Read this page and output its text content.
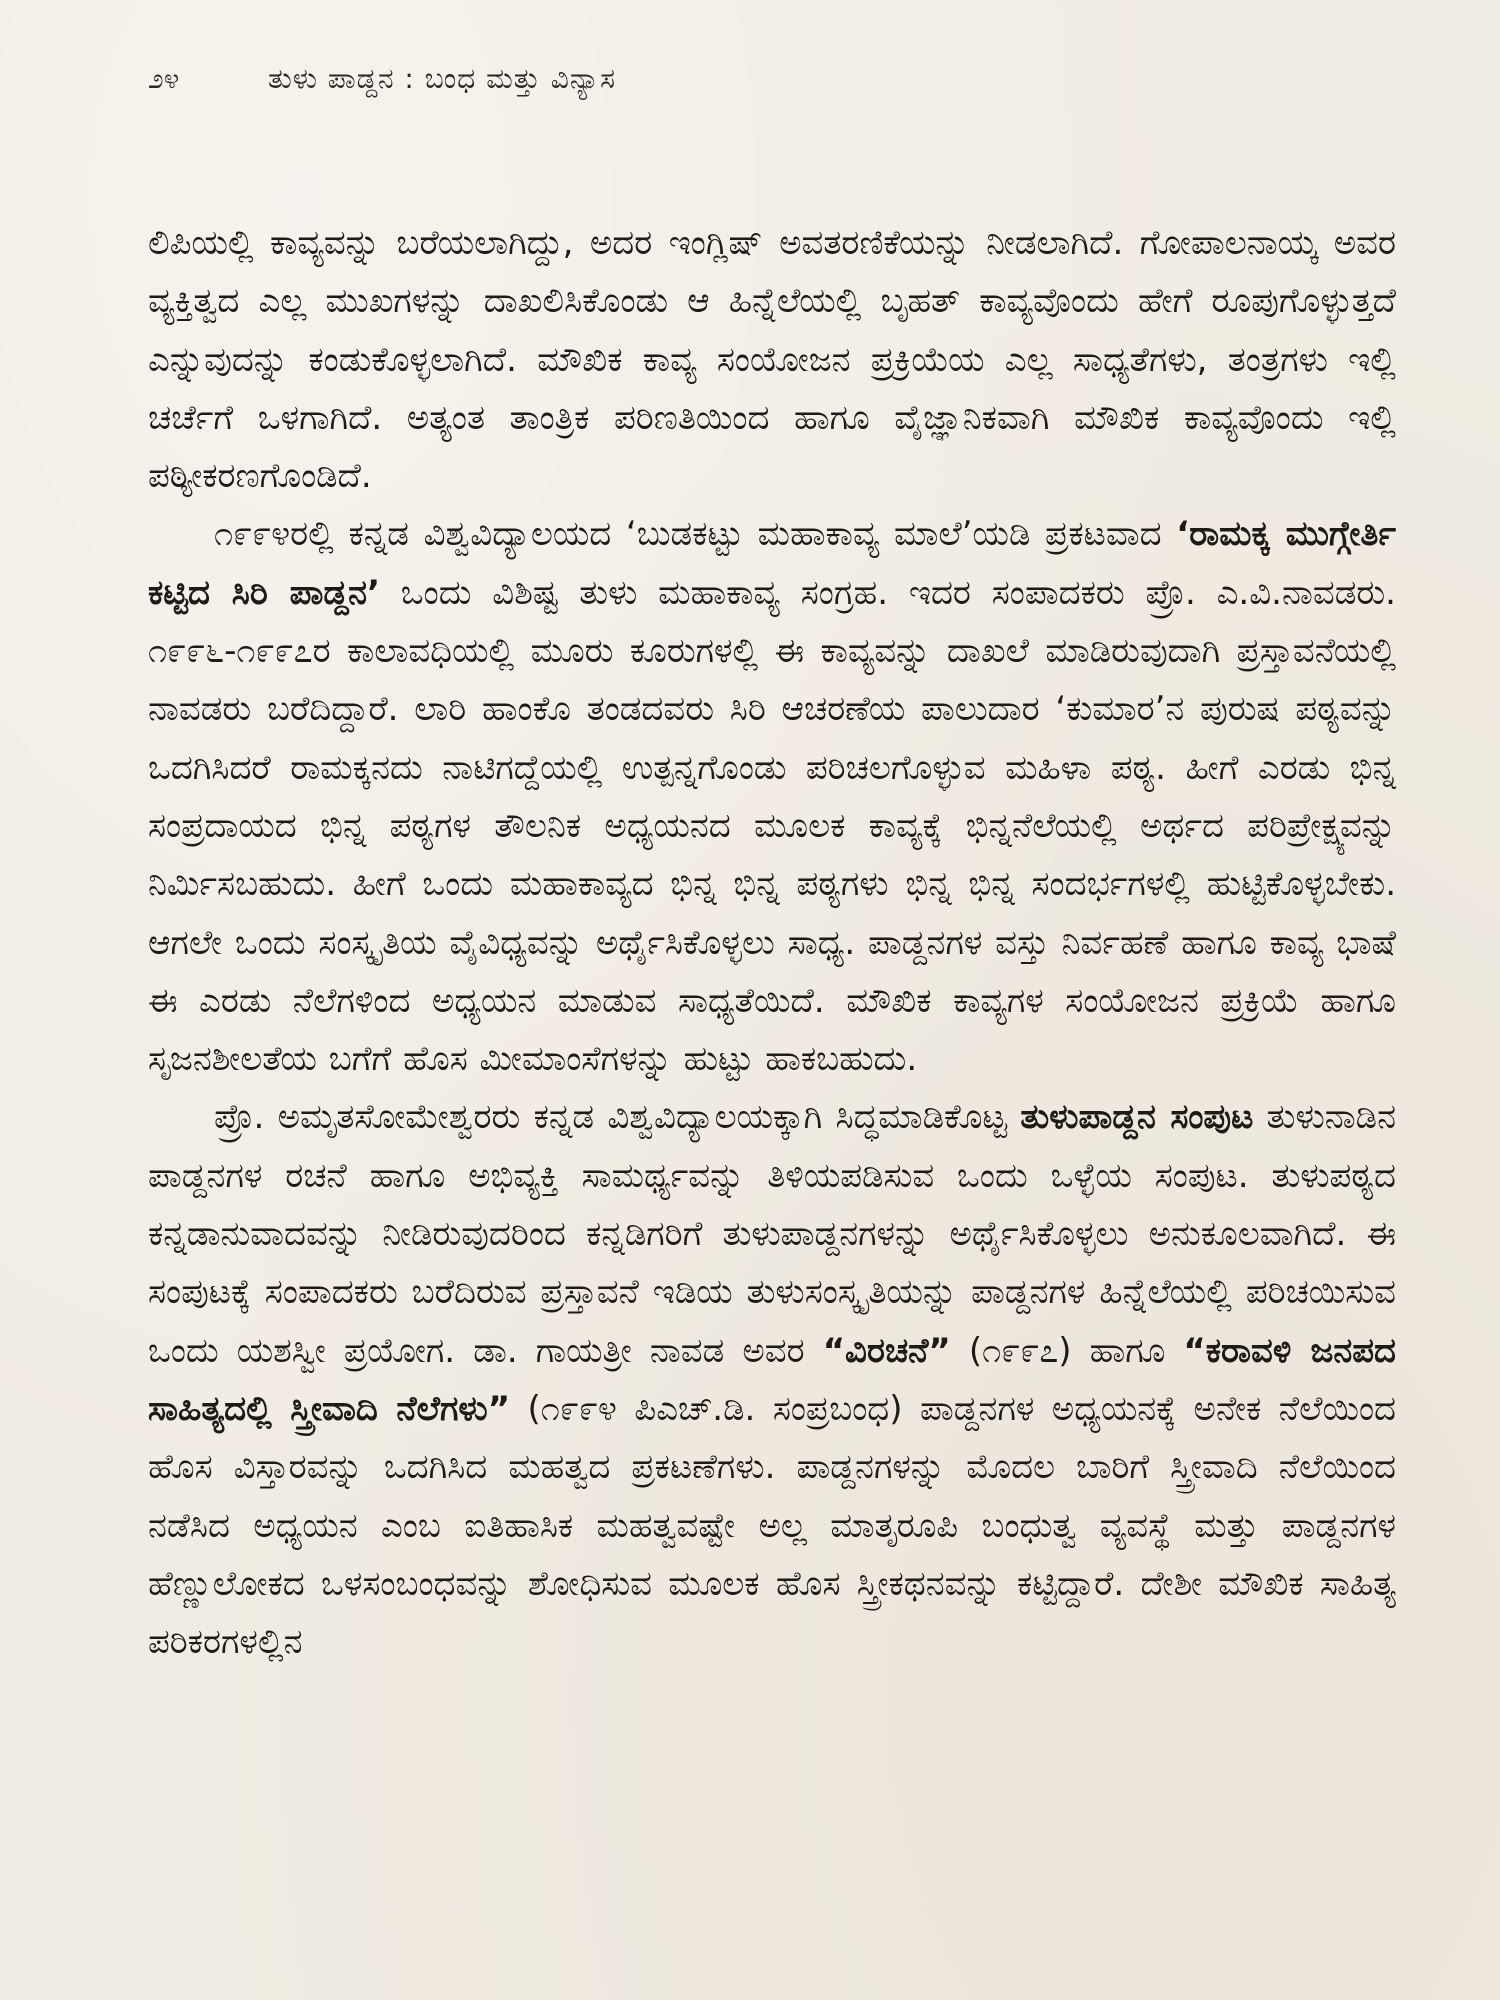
೨೪	ತುಳು ಪಾಡ್ದನ : ಬಂಧ ಮತ್ತು ವಿನ್ಯಾಸ

ಲಿಪಿಯಲ್ಲಿ ಕಾವ್ಯವನ್ನು ಬರೆಯಲಾಗಿದ್ದು, ಅದರ ಇಂಗ್ಲಿಷ್ ಅವತರಣಿಕೆಯನ್ನು ನೀಡಲಾಗಿದೆ. ಗೋಪಾಲನಾಯ್ಕ ಅವರ ವ್ಯಕ್ತಿತ್ವದ ಎಲ್ಲ ಮುಖಗಳನ್ನು ದಾಖಲಿಸಿಕೊಂಡು ಆ ಹಿನ್ನೆಲೆಯಲ್ಲಿ ಬೃಹತ್ ಕಾವ್ಯವೊಂದು ಹೇಗೆ ರೂಪುಗೊಳ್ಳುತ್ತದೆ ಎನ್ನುವುದನ್ನು ಕಂಡುಕೊಳ್ಳಲಾಗಿದೆ. ಮೌಖಿಕ ಕಾವ್ಯ ಸಂಯೋಜನ ಪ್ರಕ್ರಿಯೆಯ ಎಲ್ಲ ಸಾಧ್ಯತೆಗಳು, ತಂತ್ರಗಳು ಇಲ್ಲಿ ಚರ್ಚೆಗೆ ಒಳಗಾಗಿದೆ. ಅತ್ಯಂತ ತಾಂತ್ರಿಕ ಪರಿಣತಿಯಿಂದ ಹಾಗೂ ವೈಜ್ಞಾನಿಕವಾಗಿ ಮೌಖಿಕ ಕಾವ್ಯವೊಂದು ಇಲ್ಲಿ ಪಠ್ಯೀಕರಣಗೊಂಡಿದೆ.

೧೯೯೪ರಲ್ಲಿ ಕನ್ನಡ ವಿಶ್ವವಿದ್ಯಾಲಯದ ‘ಬುಡಕಟ್ಟು ಮಹಾಕಾವ್ಯ ಮಾಲೆ’ಯಡಿ ಪ್ರಕಟವಾದ ‘ರಾಮಕ್ಕ ಮುಗ್ಗೇರ್ತಿ ಕಟ್ಟಿದ ಸಿರಿ ಪಾಡ್ದನ’ ಒಂದು ವಿಶಿಷ್ಟ ತುಳು ಮಹಾಕಾವ್ಯ ಸಂಗ್ರಹ. ಇದರ ಸಂಪಾದಕರು ಪ್ರೊ. ಎ.ವಿ.ನಾವಡರು. ೧೯೯೬-೧೯೯೭ರ ಕಾಲಾವಧಿಯಲ್ಲಿ ಮೂರು ಕೂರುಗಳಲ್ಲಿ ಈ ಕಾವ್ಯವನ್ನು ದಾಖಲೆ ಮಾಡಿರುವುದಾಗಿ ಪ್ರಸ್ತಾವನೆಯಲ್ಲಿ ನಾವಡರು ಬರೆದಿದ್ದಾರೆ. ಲಾರಿ ಹಾಂಕೊ ತಂಡದವರು ಸಿರಿ ಆಚರಣೆಯ ಪಾಲುದಾರ ‘ಕುಮಾರ’ನ ಪುರುಷ ಪಠ್ಯವನ್ನು ಒದಗಿಸಿದರೆ ರಾಮಕ್ಕನದು ನಾಟಿಗದ್ದೆಯಲ್ಲಿ ಉತ್ಪನ್ನಗೊಂಡು ಪರಿಚಲಗೊಳ್ಳುವ ಮಹಿಳಾ ಪಠ್ಯ. ಹೀಗೆ ಎರಡು ಭಿನ್ನ ಸಂಪ್ರದಾಯದ ಭಿನ್ನ ಪಠ್ಯಗಳ ತೌಲನಿಕ ಅಧ್ಯಯನದ ಮೂಲಕ ಕಾವ್ಯಕ್ಕೆ ಭಿನ್ನನೆಲೆಯಲ್ಲಿ ಅರ್ಥದ ಪರಿಪ್ರೇಕ್ಷ್ಯವನ್ನು ನಿರ್ಮಿಸಬಹುದು. ಹೀಗೆ ಒಂದು ಮಹಾಕಾವ್ಯದ ಭಿನ್ನ ಭಿನ್ನ ಪಠ್ಯಗಳು ಭಿನ್ನ ಭಿನ್ನ ಸಂದರ್ಭಗಳಲ್ಲಿ ಹುಟ್ಟಿಕೊಳ್ಳಬೇಕು. ಆಗಲೇ ಒಂದು ಸಂಸ್ಕೃತಿಯ ವೈವಿಧ್ಯವನ್ನು ಅರ್ಥೈಸಿಕೊಳ್ಳಲು ಸಾಧ್ಯ. ಪಾಡ್ದನಗಳ ವಸ್ತು ನಿರ್ವಹಣೆ ಹಾಗೂ ಕಾವ್ಯ ಭಾಷೆ ಈ ಎರಡು ನೆಲೆಗಳಿಂದ ಅಧ್ಯಯನ ಮಾಡುವ ಸಾಧ್ಯತೆಯಿದೆ. ಮೌಖಿಕ ಕಾವ್ಯಗಳ ಸಂಯೋಜನ ಪ್ರಕ್ರಿಯೆ ಹಾಗೂ ಸೃಜನಶೀಲತೆಯ ಬಗೆಗೆ ಹೊಸ ಮೀಮಾಂಸೆಗಳನ್ನು ಹುಟ್ಟು ಹಾಕಬಹುದು.

ಪ್ರೊ. ಅಮೃತಸೋಮೇಶ್ವರರು ಕನ್ನಡ ವಿಶ್ವವಿದ್ಯಾಲಯಕ್ಕಾಗಿ ಸಿದ್ಧಮಾಡಿಕೊಟ್ಟ ತುಳುಪಾಡ್ದನ ಸಂಪುಟ ತುಳುನಾಡಿನ ಪಾಡ್ದನಗಳ ರಚನೆ ಹಾಗೂ ಅಭಿವ್ಯಕ್ತಿ ಸಾಮರ್ಥ್ಯವನ್ನು ತಿಳಿಯಪಡಿಸುವ ಒಂದು ಒಳ್ಳೆಯ ಸಂಪುಟ. ತುಳುಪಠ್ಯದ ಕನ್ನಡಾನುವಾದವನ್ನು ನೀಡಿರುವುದರಿಂದ ಕನ್ನಡಿಗರಿಗೆ ತುಳುಪಾಡ್ದನಗಳನ್ನು ಅರ್ಥೈಸಿಕೊಳ್ಳಲು ಅನುಕೂಲವಾಗಿದೆ. ಈ ಸಂಪುಟಕ್ಕೆ ಸಂಪಾದಕರು ಬರೆದಿರುವ ಪ್ರಸ್ತಾವನೆ ಇಡಿಯ ತುಳುಸಂಸ್ಕೃತಿಯನ್ನು ಪಾಡ್ದನಗಳ ಹಿನ್ನೆಲೆಯಲ್ಲಿ ಪರಿಚಯಿಸುವ ಒಂದು ಯಶಸ್ವೀ ಪ್ರಯೋಗ. ಡಾ. ಗಾಯತ್ರೀ ನಾವಡ ಅವರ “ವಿರಚನೆ” (೧೯೯೭) ಹಾಗೂ “ಕರಾವಳಿ ಜನಪದ ಸಾಹಿತ್ಯದಲ್ಲಿ ಸ್ತ್ರೀವಾದಿ ನೆಲೆಗಳು” (೧೯೯೪ ಪಿಎಚ್.ಡಿ. ಸಂಪ್ರಬಂಧ) ಪಾಡ್ದನಗಳ ಅಧ್ಯಯನಕ್ಕೆ ಅನೇಕ ನೆಲೆಯಿಂದ ಹೊಸ ವಿಸ್ತಾರವನ್ನು ಒದಗಿಸಿದ ಮಹತ್ವದ ಪ್ರಕಟಣೆಗಳು. ಪಾಡ್ದನಗಳನ್ನು ಮೊದಲ ಬಾರಿಗೆ ಸ್ತ್ರೀವಾದಿ ನೆಲೆಯಿಂದ ನಡೆಸಿದ ಅಧ್ಯಯನ ಎಂಬ ಐತಿಹಾಸಿಕ ಮಹತ್ವವಷ್ಟೇ ಅಲ್ಲ ಮಾತೃರೂಪಿ ಬಂಧುತ್ವ ವ್ಯವಸ್ಥೆ ಮತ್ತು ಪಾಡ್ದನಗಳ ಹೆಣ್ಣುಲೋಕದ ಒಳಸಂಬಂಧವನ್ನು ಶೋಧಿಸುವ ಮೂಲಕ ಹೊಸ ಸ್ತ್ರೀಕಥನವನ್ನು ಕಟ್ಟಿದ್ದಾರೆ. ದೇಶೀ ಮೌಖಿಕ ಸಾಹಿತ್ಯ ಪರಿಕರಗಳಲ್ಲಿನ
